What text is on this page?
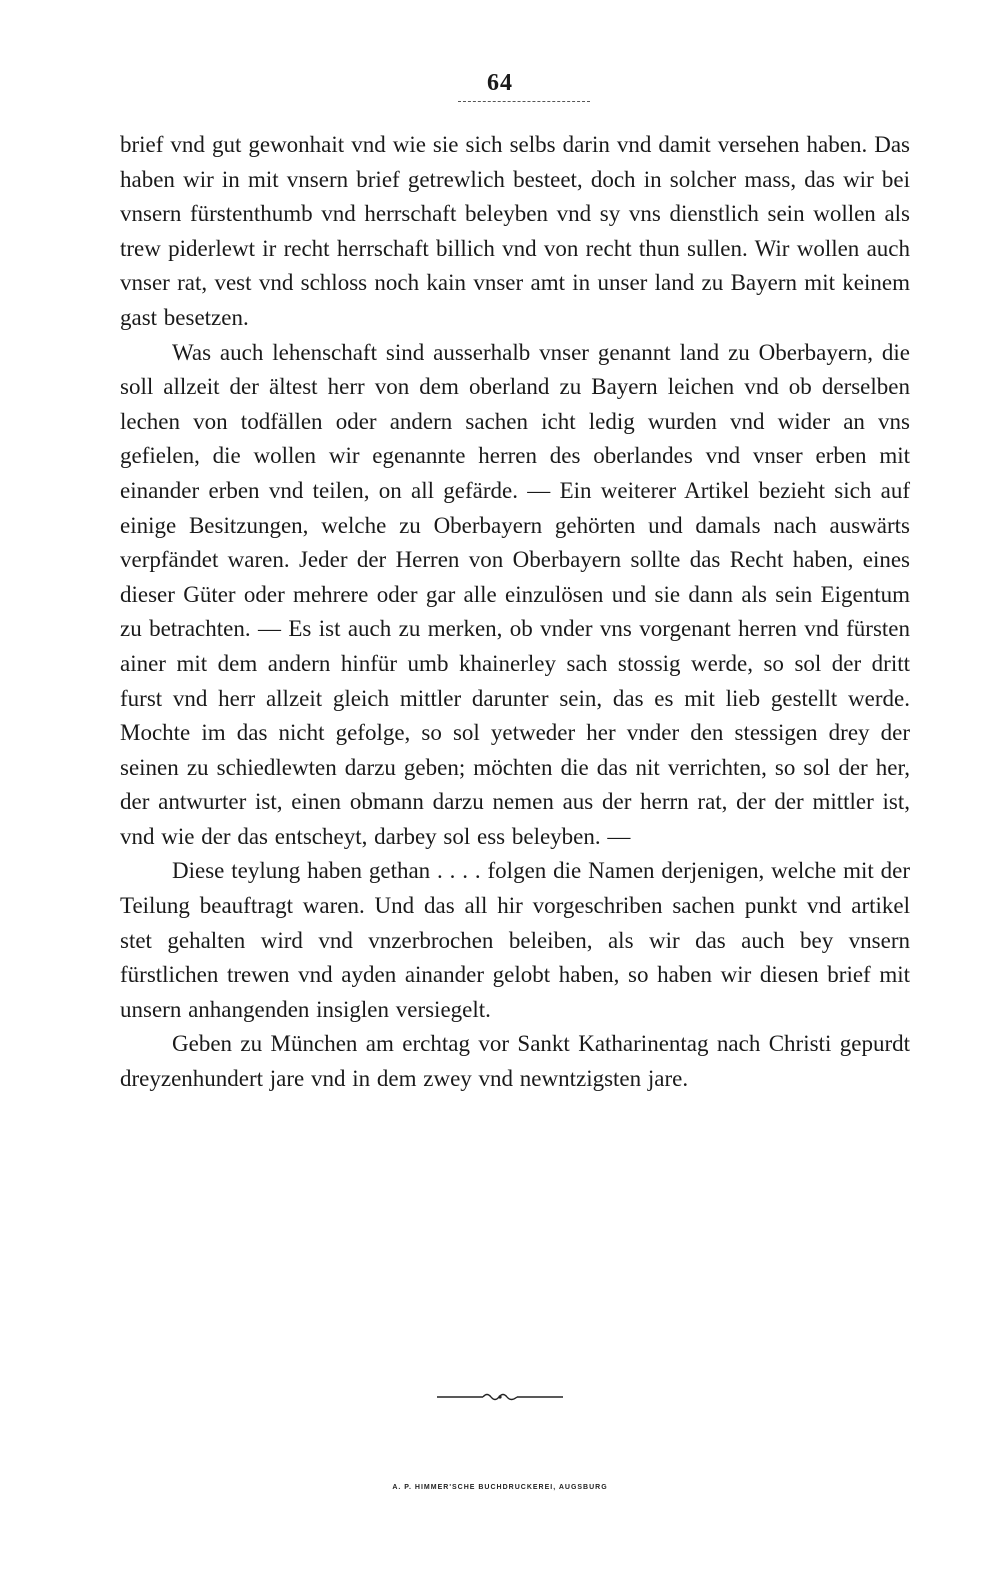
64

brief vnd gut gewonhait vnd wie sie sich selbs darin vnd damit versehen haben. Das haben wir in mit vnsern brief getrewlich besteet, doch in solcher mass, das wir bei vnsern fürstenthumb vnd herrschaft beleyben vnd sy vns dienstlich sein wollen als trew piderlewt ir recht herrschaft billich vnd von recht thun sullen. Wir wollen auch vnser rat, vest vnd schloss noch kain vnser amt in unser land zu Bayern mit keinem gast besetzen.

Was auch lehenschaft sind ausserhalb vnser genannt land zu Oberbayern, die soll allzeit der ältest herr von dem oberland zu Bayern leichen vnd ob derselben lechen von todfällen oder andern sachen icht ledig wurden vnd wider an vns gefielen, die wollen wir egenannte herren des oberlandes vnd vnser erben mit einander erben vnd teilen, on all gefärde. — Ein weiterer Artikel bezieht sich auf einige Besitzungen, welche zu Oberbayern gehörten und damals nach auswärts verpfändet waren. Jeder der Herren von Oberbayern sollte das Recht haben, eines dieser Güter oder mehrere oder gar alle einzulösen und sie dann als sein Eigentum zu betrachten. — Es ist auch zu merken, ob vnder vns vorgenant herren vnd fürsten ainer mit dem andern hinfür umb khainerley sach stossig werde, so sol der dritt furst vnd herr allzeit gleich mittler darunter sein, das es mit lieb gestellt werde. Mochte im das nicht gefolge, so sol yetweder her vnder den stessigen drey der seinen zu schiedlewten darzu geben; möchten die das nit verrichten, so sol der her, der antwurter ist, einen obmann darzu nemen aus der herrn rat, der der mittler ist, vnd wie der das entscheyt, darbey sol ess beleyben. —

Diese teylung haben gethan . . . . folgen die Namen derjenigen, welche mit der Teilung beauftragt waren. Und das all hir vorgeschriben sachen punkt vnd artikel stet gehalten wird vnd vnzerbrochen beleiben, als wir das auch bey vnsern fürstlichen trewen vnd ayden ainander gelobt haben, so haben wir diesen brief mit unsern anhangenden insiglen versiegelt.

Geben zu München am erchtag vor Sankt Katharinentag nach Christi gepurdt dreyzenhundert jare vnd in dem zwey vnd newntzigsten jare.

A. P. HIMMER'SCHE BUCHDRUCKEREI, AUGSBURG
